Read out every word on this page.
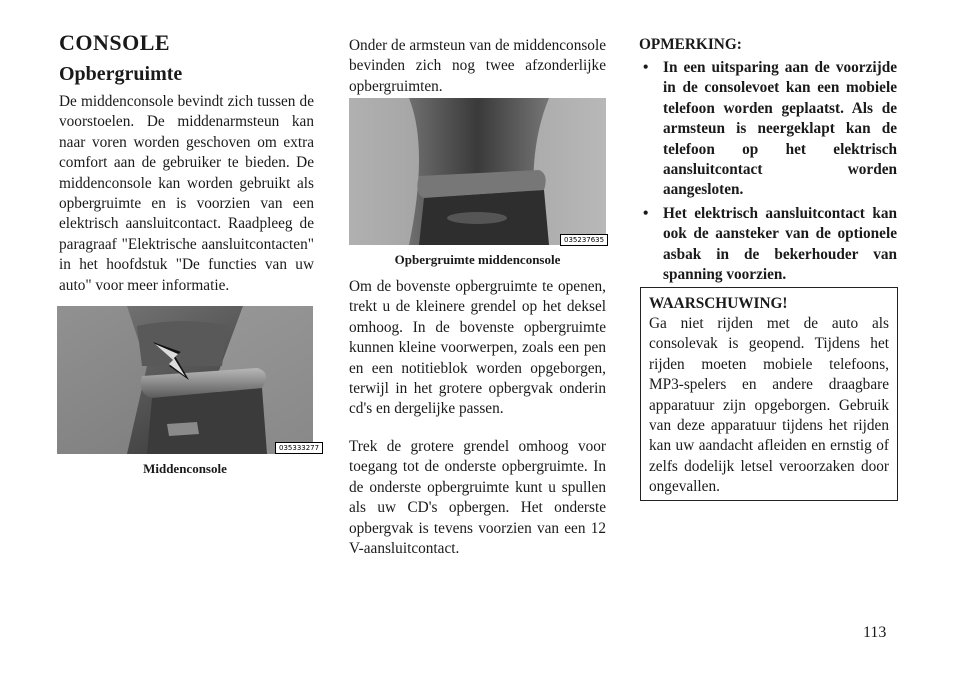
CONSOLE
Opbergruimte

De middenconsole bevindt zich tussen de voorstoelen. De middenarmsteun kan naar voren worden geschoven om extra comfort aan de gebruiker te bieden. De middenconsole kan worden gebruikt als opbergruimte en is voorzien van een elektrisch aansluitcontact. Raadpleeg de paragraaf "Elektrische aansluitcontacten" in het hoofdstuk "De functies van uw auto" voor meer informatie.

035333277
Middenconsole

Onder de armsteun van de middenconsole bevinden zich nog twee afzonderlijke opbergruimten.

035237635
Opbergruimte middenconsole

Om de bovenste opbergruimte te openen, trekt u de kleinere grendel op het deksel omhoog. In de bovenste opbergruimte kunnen kleine voorwerpen, zoals een pen en een notitieblok worden opgeborgen, terwijl in het grotere opbergvak onderin cd's en dergelijke passen.

Trek de grotere grendel omhoog voor toegang tot de onderste opbergruimte. In de onderste opbergruimte kunt u spullen als uw CD's opbergen. Het onderste opbergvak is tevens voorzien van een 12 V-aansluitcontact.

OPMERKING:

• In een uitsparing aan de voorzijde in de consolevoet kan een mobiele telefoon worden geplaatst. Als de armsteun is neergeklapt kan de telefoon op het elektrisch aansluitcontact worden aangesloten.
• Het elektrisch aansluitcontact kan ook de aansteker van de optionele asbak in de bekerhouder van spanning voorzien.

WAARSCHUWING!

Ga niet rijden met de auto als consolevak is geopend. Tijdens het rijden moeten mobiele telefoons, MP3-spelers en andere draagbare apparatuur zijn opgeborgen. Gebruik van deze apparatuur tijdens het rijden kan uw aandacht afleiden en ernstig of zelfs dodelijk letsel veroorzaken door ongevallen.

113
